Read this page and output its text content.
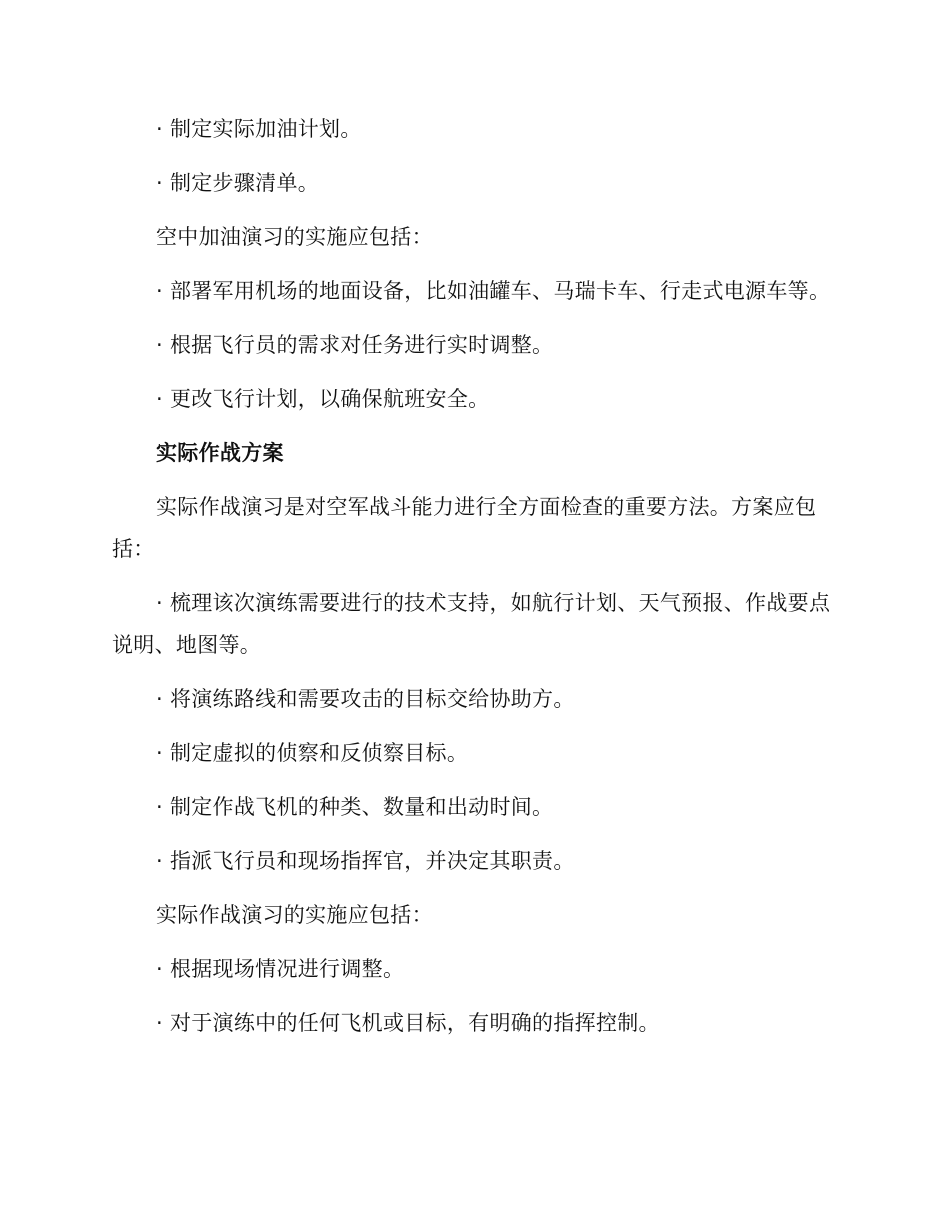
· 制定实际加油计划。

· 制定步骤清单。

空中加油演习的实施应包括：

· 部署军用机场的地面设备，比如油罐车、马瑞卡车、行走式电源车等。

· 根据飞行员的需求对任务进行实时调整。

· 更改飞行计划，以确保航班安全。

实际作战方案

实际作战演习是对空军战斗能力进行全方面检查的重要方法。方案应包括：

· 梳理该次演练需要进行的技术支持，如航行计划、天气预报、作战要点说明、地图等。

· 将演练路线和需要攻击的目标交给协助方。

· 制定虚拟的侦察和反侦察目标。

· 制定作战飞机的种类、数量和出动时间。

· 指派飞行员和现场指挥官，并决定其职责。

实际作战演习的实施应包括：

· 根据现场情况进行调整。

· 对于演练中的任何飞机或目标，有明确的指挥控制。
